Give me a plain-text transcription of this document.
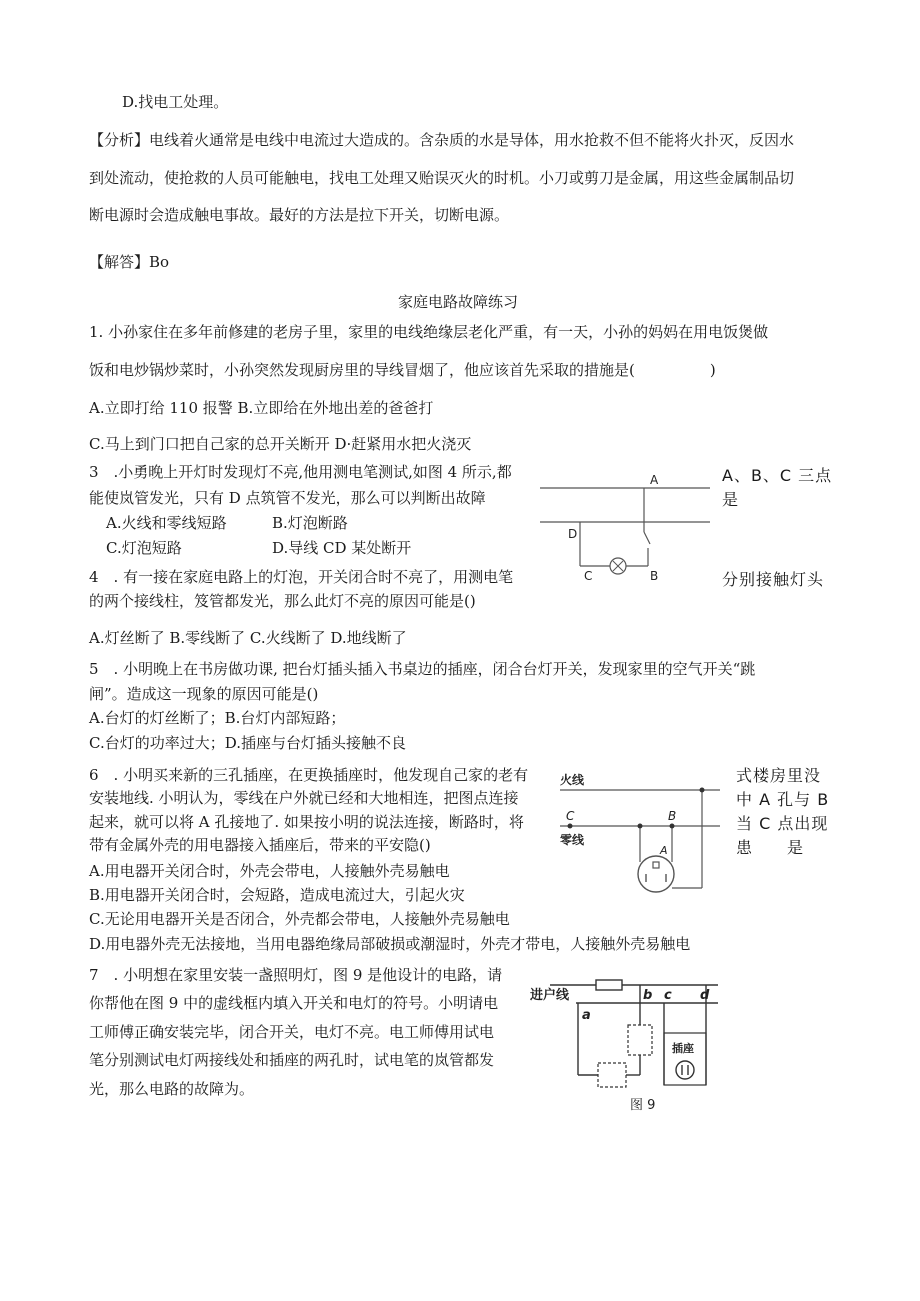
D.找电工处理。
【分析】电线着火通常是电线中电流过大造成的。含杂质的水是导体，用水抢救不但不能将火扑灭，反因水
到处流动，使抢救的人员可能触电，找电工处理又贻误灭火的时机。小刀或剪刀是金属，用这些金属制品切
断电源时会造成触电事故。最好的方法是拉下开关，切断电源。
【解答】Bo
家庭电路故障练习
1. 小孙家住在多年前修建的老房子里，家里的电线绝缘层老化严重，有一天，小孙的妈妈在用电饭煲做
饭和电炒锅炒菜时，小孙突然发现厨房里的导线冒烟了，他应该首先采取的措施是(　　　　　)
A.立即打给 110 报警 B.立即给在外地出差的爸爸打
C.马上到门口把自己家的总开关断开 D·赶紧用水把火浇灭
3　.小勇晚上开灯时发现灯不亮,他用测电笔测试,如图 4 所示,都
能使岚管发光，只有 D 点筑管不发光，那么可以判断出故障
A.火线和零线短路	B.灯泡断路
C.灯泡短路	D.导线 CD 某处断开
A、B、C 三点
是
分别接触灯头
A
D
C	B
4　. 有一接在家庭电路上的灯泡，开关闭合时不亮了，用测电笔
的两个接线柱，笈管都发光，那么此灯不亮的原因可能是()
A.灯丝断了 B.零线断了 C.火线断了 D.地线断了
5　. 小明晚上在书房做功课, 把台灯插头插入书桌边的插座，闭合台灯开关，发现家里的空气开关“跳
闸”。造成这一现象的原因可能是()
A.台灯的灯丝断了；B.台灯内部短路；
C.台灯的功率过大；D.插座与台灯插头接触不良
6　. 小明买来新的三孔插座，在更换插座时，他发现自己家的老有
安装地线. 小明认为，零线在户外就已经和大地相连，把图点连接
起来，就可以将 A 孔接地了. 如果按小明的说法连接，断路时，将
带有金属外壳的用电器接入插座后，带来的平安隐()
A.用电器开关闭合时，外壳会带电，人接触外壳易触电
B.用电器开关闭合时，会短路，造成电流过大，引起火灾
C.无论用电器开关是否闭合，外壳都会带电，人接触外壳易触电
D.用电器外壳无法接地，当用电器绝缘局部破损或潮湿时，外壳才带电，人接触外壳易触电
式楼房里没
中 A 孔与 B
当 C 点出现
患　　是
火线
C	B
零线
A
7　. 小明想在家里安装一盏照明灯，图 9 是他设计的电路，请
你帮他在图 9 中的虚线框内填入开关和电灯的符号。小明请电
工师傅正确安装完毕，闭合开关，电灯不亮。电工师傅用试电
笔分别测试电灯两接线处和插座的两孔时，试电笔的岚管都发
光，那么电路的故障为。
进户线
a
b c d
插座
图 9
